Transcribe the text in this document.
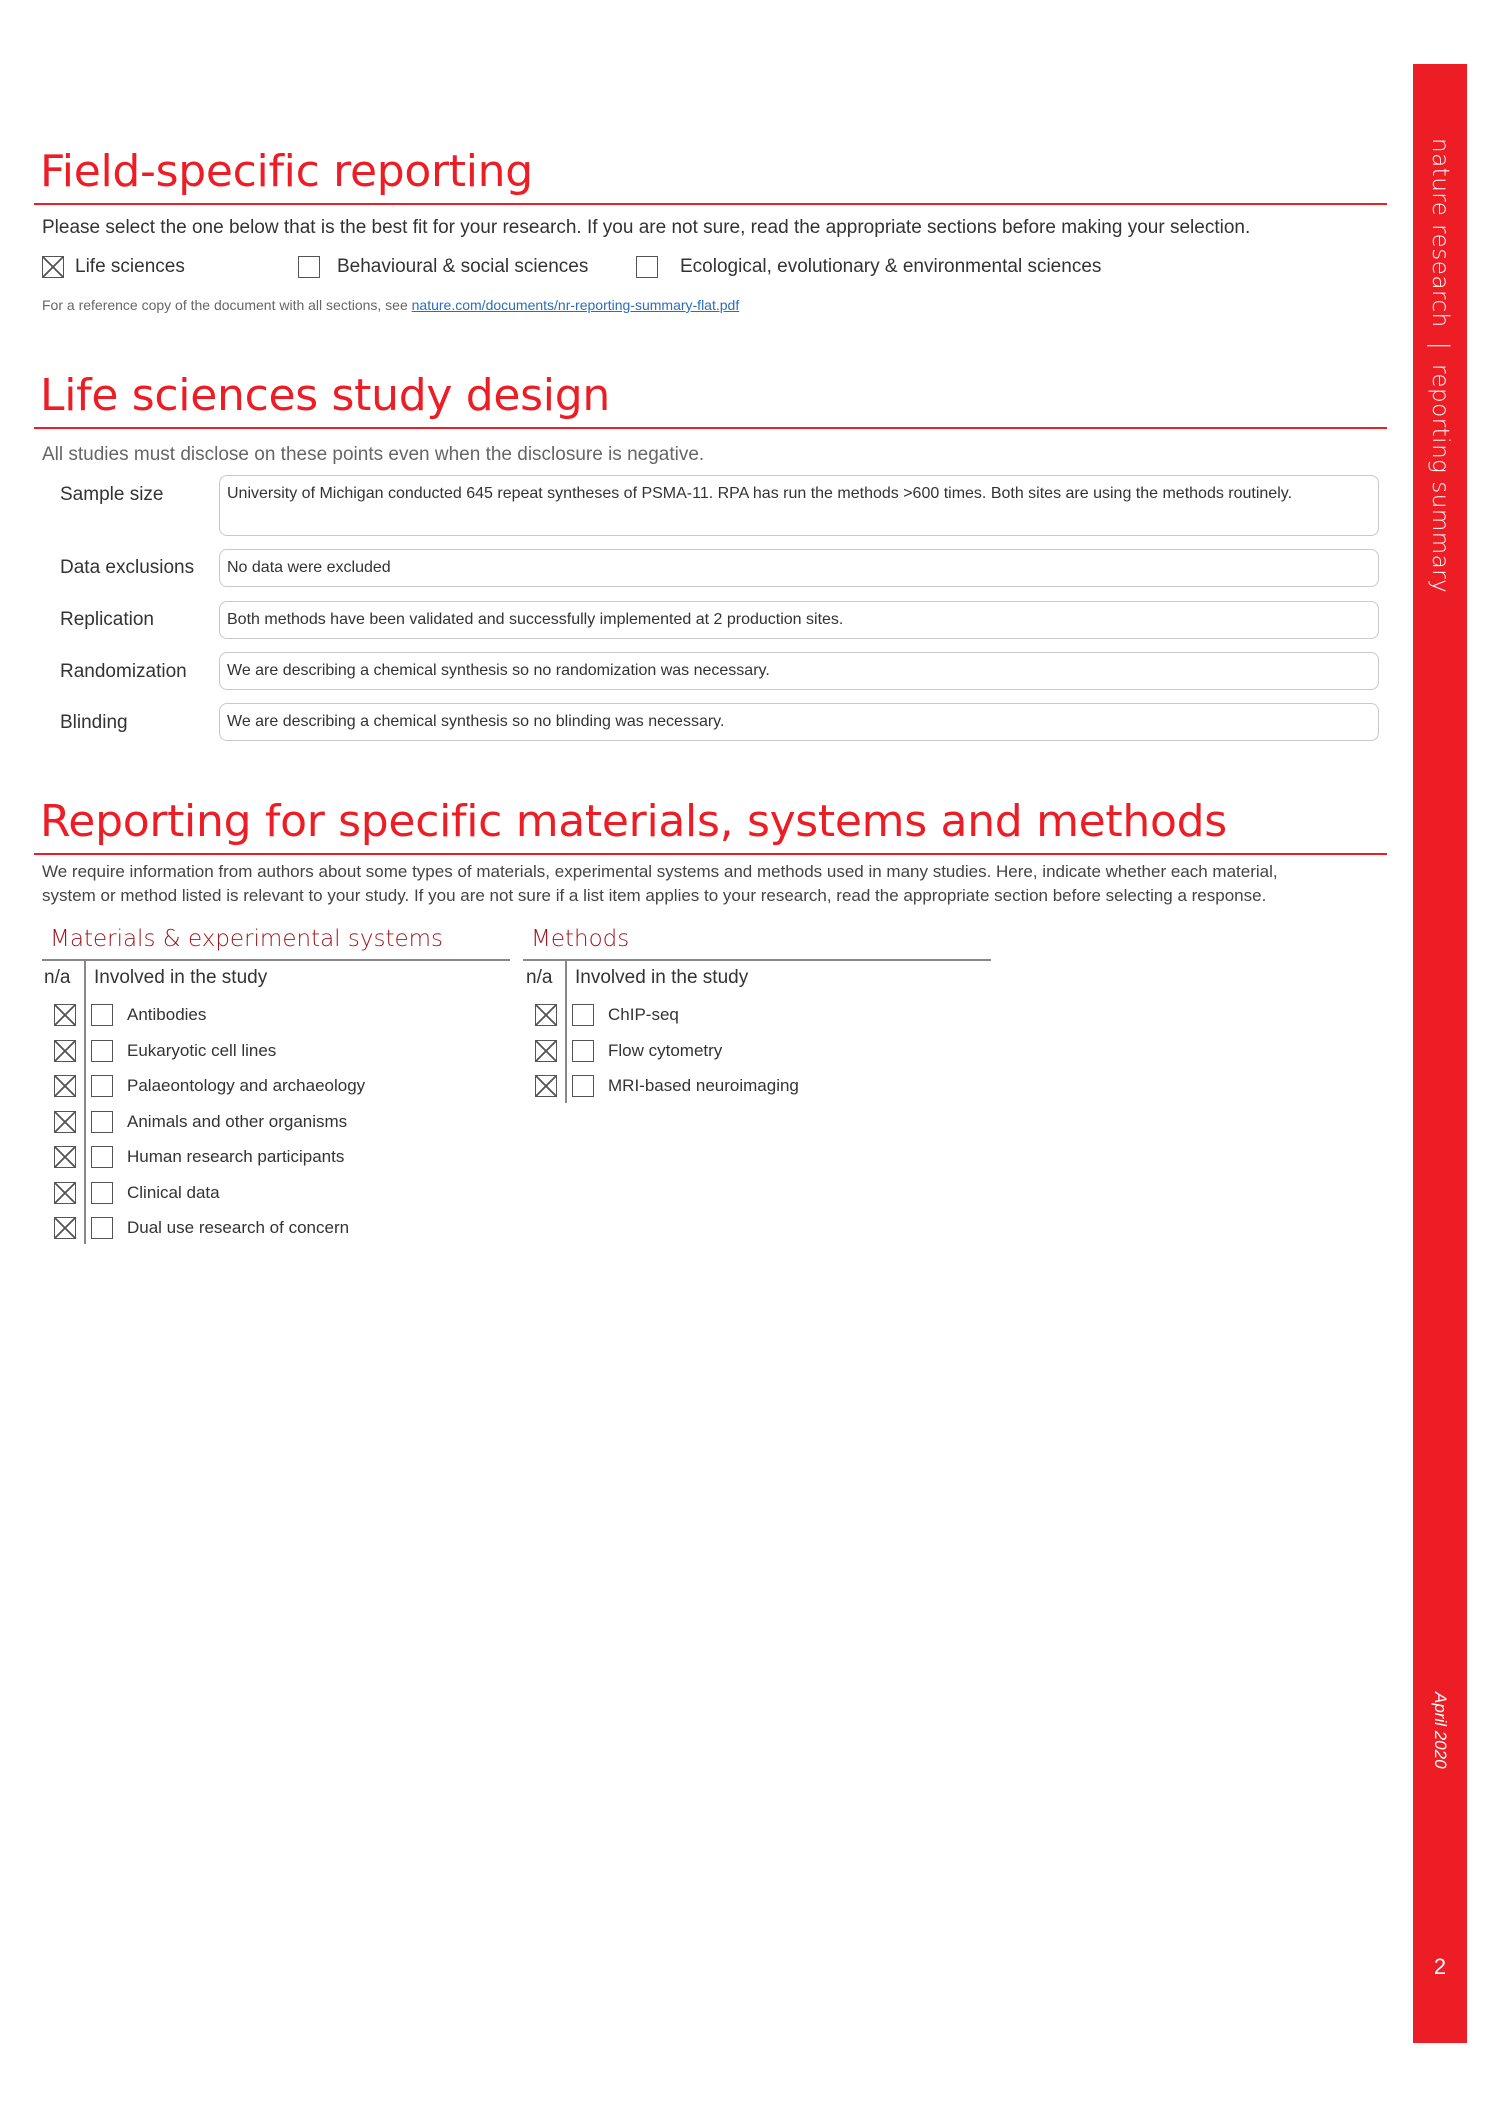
nature research|reporting summary
April 2020
2
Field-specific reporting
Please select the one below that is the best fit for your research. If you are not sure, read the appropriate sections before making your selection.
Life sciences	Behavioural & social sciences	Ecological, evolutionary & environmental sciences
For a reference copy of the document with all sections, see nature.com/documents/nr-reporting-summary-flat.pdf
Life sciences study design
All studies must disclose on these points even when the disclosure is negative.
Sample size	University of Michigan conducted 645 repeat syntheses of PSMA-11. RPA has run the methods >600 times. Both sites are using the methods routinely.
Data exclusions	No data were excluded
Replication	Both methods have been validated and successfully implemented at 2 production sites.
Randomization	We are describing a chemical synthesis so no randomization was necessary.
Blinding	We are describing a chemical synthesis so no blinding was necessary.
Reporting for specific materials, systems and methods
We require information from authors about some types of materials, experimental systems and methods used in many studies. Here, indicate whether each material,
system or method listed is relevant to your study. If you are not sure if a list item applies to your research, read the appropriate section before selecting a response.
Materials & experimental systems
n/a Involved in the study
Antibodies
Eukaryotic cell lines
Palaeontology and archaeology
Animals and other organisms
Human research participants
Clinical data
Dual use research of concern
Methods
n/a Involved in the study
ChIP-seq
Flow cytometry
MRI-based neuroimaging
